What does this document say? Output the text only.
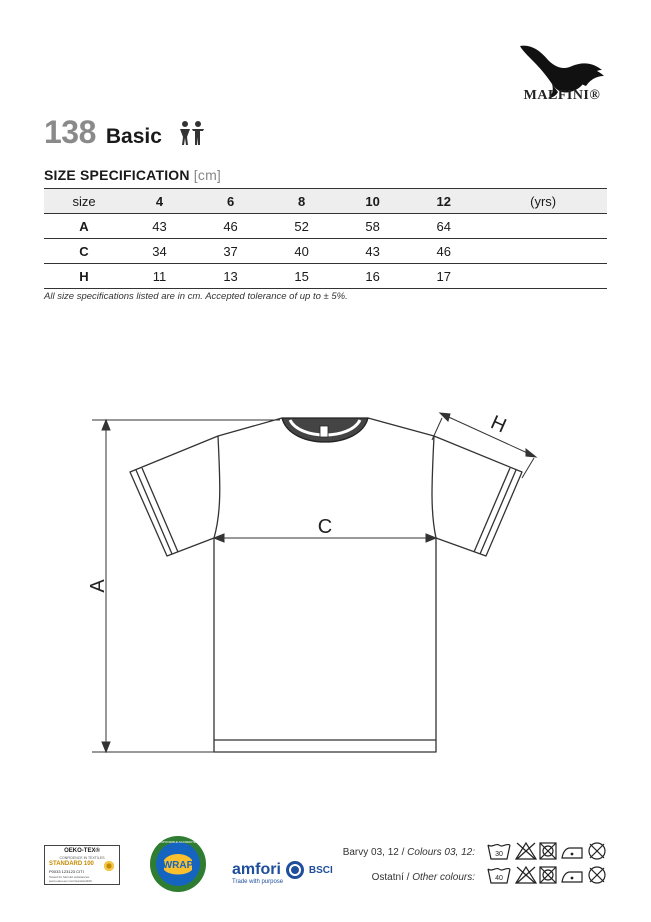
MALFINI®
138 Basic
SIZE SPECIFICATION [cm]
size	4	6	8	10	12	(yrs)
A	43	46	52	58	64	
C	34	37	40	43	46	
H	11	13	15	16	17	
All size specifications listed are in cm. Accepted tolerance of up to ± 5%.
A
C
H
OEKO-TEX®
CONFIDENCE IN TEXTILES
STANDARD 100
P0033 123123 CITI
Tested for harmful substances. www.oeko-tex.com/standard100
WRAP
WORLDWIDE RESPONSIBLE ACCREDITED PRODUCTION
amfori	BSCI
Trade with purpose
Barvy 03, 12 / Colours 03, 12:
Ostatní / Other colours:
30
40
